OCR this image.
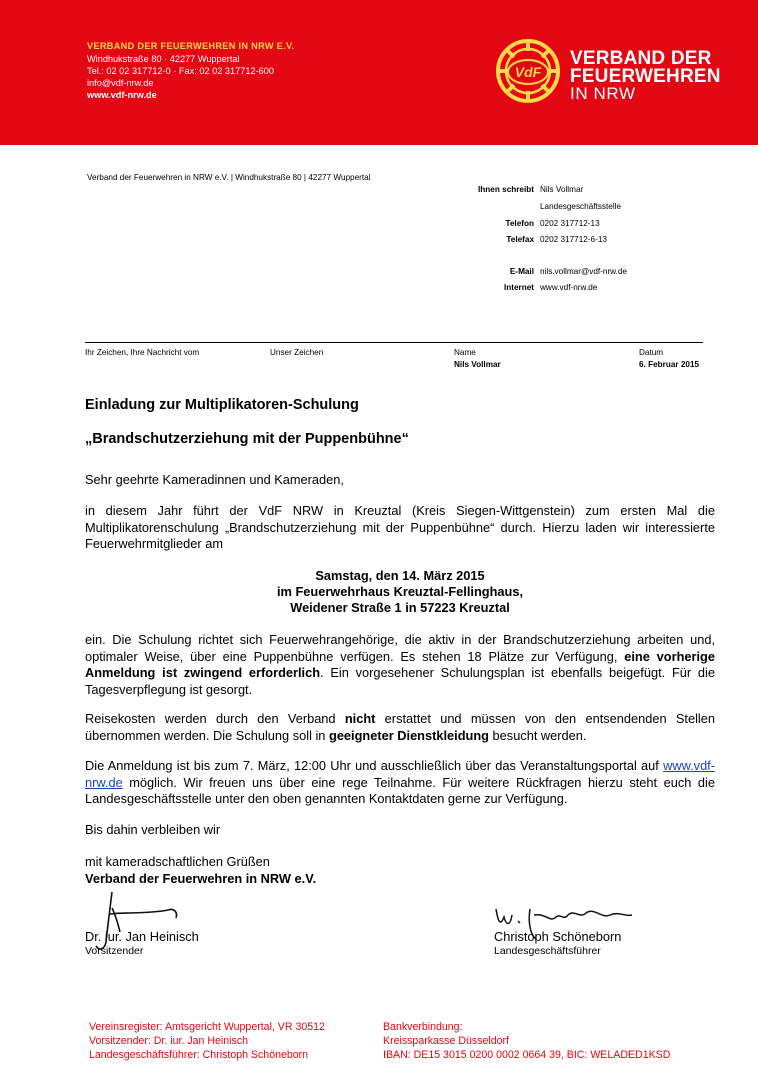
VERBAND DER FEUERWEHREN IN NRW E.V.
Windhukstraße 80 · 42277 Wuppertal
Tel.: 02 02 317712-0 · Fax: 02 02 317712-600
info@vdf-nrw.de
www.vdf-nrw.de
VdF
VERBAND DER
FEUERWEHREN
IN NRW
Verband der Feuerwehren in NRW e.V. | Windhukstraße 80 | 42277 Wuppertal
Ihnen schreibt Nils Vollmar
Landesgeschäftsstelle
Telefon 0202 317712-13
Telefax 0202 317712-6-13
E-Mail nils.vollmar@vdf-nrw.de
Internet www.vdf-nrw.de
Ihr Zeichen, Ihre Nachricht vom	Unser Zeichen	Name
Nils Vollmar
Datum
6. Februar 2015
Einladung zur Multiplikatoren-Schulung
„Brandschutzerziehung mit der Puppenbühne“
Sehr geehrte Kameradinnen und Kameraden,
in diesem Jahr führt der VdF NRW in Kreuztal (Kreis Siegen-Wittgenstein) zum ersten Mal die Multiplikatorenschulung „Brandschutzerziehung mit der Puppenbühne“ durch. Hierzu laden wir interessierte Feuerwehrmitglieder am
Samstag, den 14. März 2015
im Feuerwehrhaus Kreuztal-Fellinghaus,
Weidener Straße 1 in 57223 Kreuztal
ein. Die Schulung richtet sich Feuerwehrangehörige, die aktiv in der Brandschutzerziehung arbeiten und, optimaler Weise, über eine Puppenbühne verfügen. Es stehen 18 Plätze zur Verfügung, eine vorherige Anmeldung ist zwingend erforderlich. Ein vorgesehener Schulungsplan ist ebenfalls beigefügt. Für die Tagesverpflegung ist gesorgt.
Reisekosten werden durch den Verband nicht erstattet und müssen von den entsendenden Stellen übernommen werden. Die Schulung soll in geeigneter Dienstkleidung besucht werden.
Die Anmeldung ist bis zum 7. März, 12:00 Uhr und ausschließlich über das Veranstaltungsportal auf www.vdf-nrw.de möglich. Wir freuen uns über eine rege Teilnahme. Für weitere Rückfragen hierzu steht euch die Landesgeschäftsstelle unter den oben genannten Kontaktdaten gerne zur Verfügung.
Bis dahin verbleiben wir
mit kameradschaftlichen Grüßen
Verband der Feuerwehren in NRW e.V.
Dr. iur. Jan Heinisch
Vorsitzender
Christoph Schöneborn
Landesgeschäftsführer
Vereinsregister: Amtsgericht Wuppertal, VR 30512
Vorsitzender: Dr. iur. Jan Heinisch
Landesgeschäftsführer: Christoph Schöneborn
Bankverbindung:
Kreissparkasse Düsseldorf
IBAN: DE15 3015 0200 0002 0664 39, BIC: WELADED1KSD
